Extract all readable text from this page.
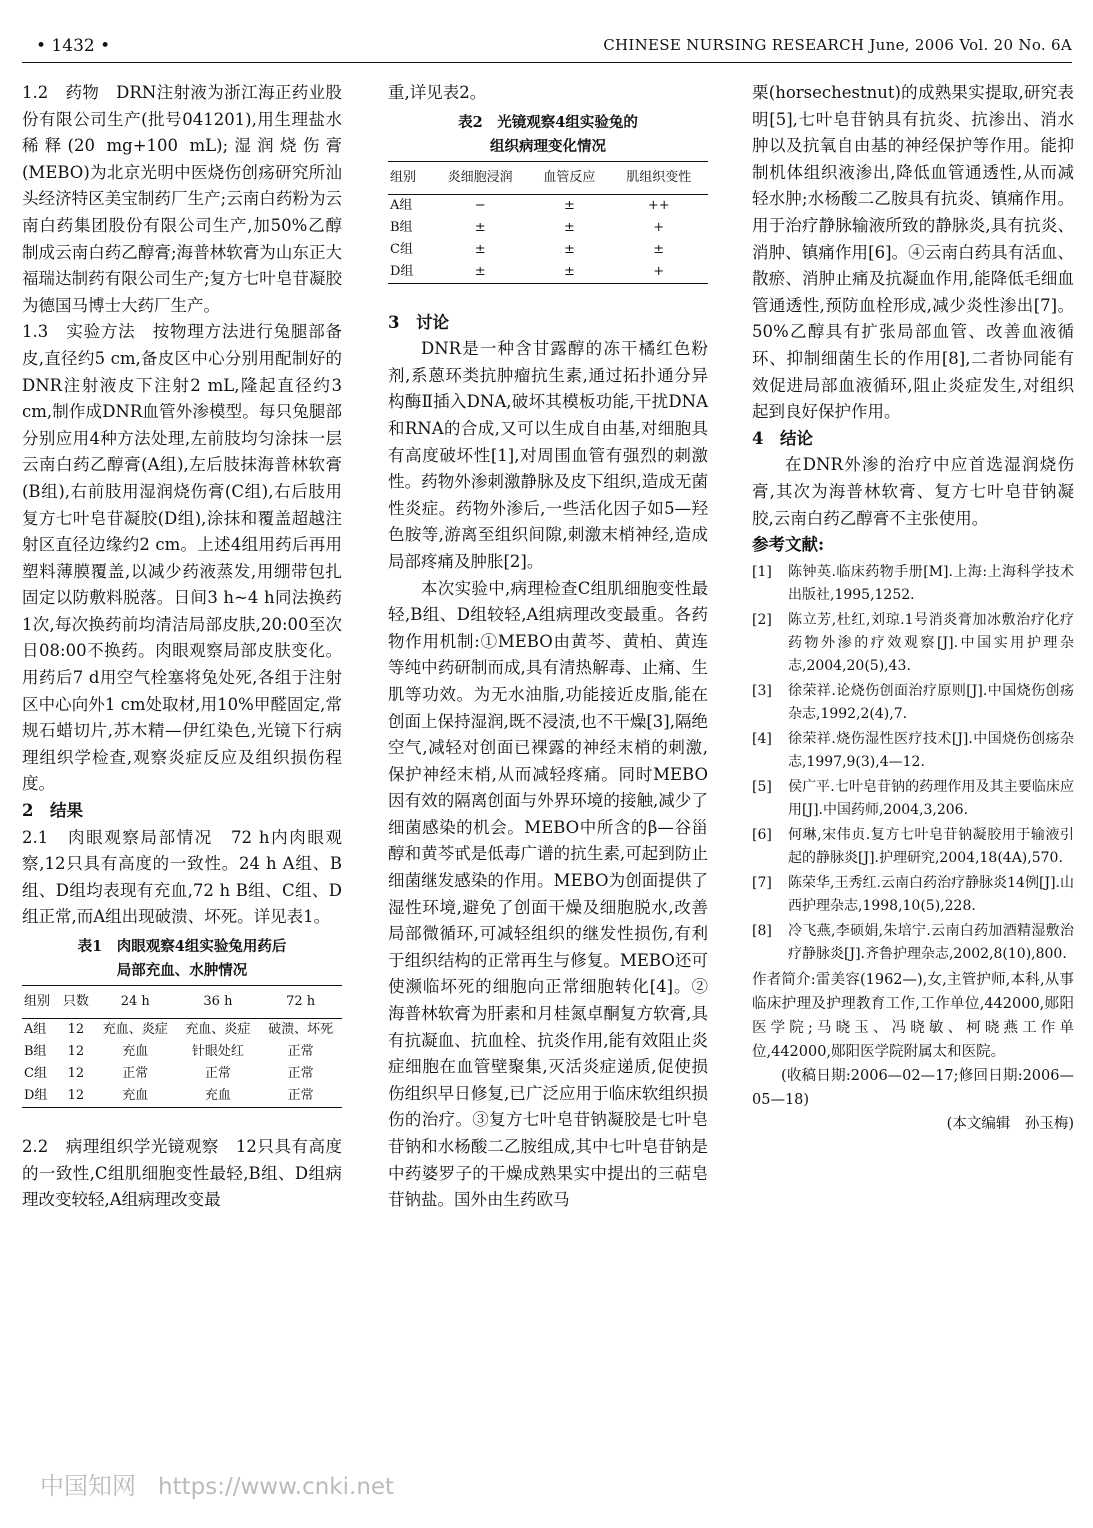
• 1432 •	CHINESE NURSING RESEARCH June, 2006 Vol. 20 No. 6A

1.2　药物　DRN注射液为浙江海正药业股份有限公司生产(批号041201),用生理盐水稀释(20 mg+100 mL);湿润烧伤膏(MEBO)为北京光明中医烧伤创疡研究所汕头经济特区美宝制药厂生产;云南白药粉为云南白药集团股份有限公司生产,加50%乙醇制成云南白药乙醇膏;海普林软膏为山东正大福瑞达制药有限公司生产;复方七叶皂苷凝胶为德国马博士大药厂生产。

1.3　实验方法　按物理方法进行兔腿部备皮,直径约5 cm,备皮区中心分别用配制好的DNR注射液皮下注射2 mL,隆起直径约3 cm,制作成DNR血管外渗模型。每只兔腿部分别应用4种方法处理,左前肢均匀涂抹一层云南白药乙醇膏(A组),左后肢抹海普林软膏(B组),右前肢用湿润烧伤膏(C组),右后肢用复方七叶皂苷凝胶(D组),涂抹和覆盖超越注射区直径边缘约2 cm。上述4组用药后再用塑料薄膜覆盖,以减少药液蒸发,用绷带包扎固定以防敷料脱落。日间3 h~4 h同法换药1次,每次换药前均清洁局部皮肤,20:00至次日08:00不换药。肉眼观察局部皮肤变化。用药后7 d用空气栓塞将兔处死,各组于注射区中心向外1 cm处取材,用10%甲醛固定,常规石蜡切片,苏木精—伊红染色,光镜下行病理组织学检查,观察炎症反应及组织损伤程度。

2　结果

2.1　肉眼观察局部情况　72 h内肉眼观察,12只具有高度的一致性。24 h A组、B组、D组均表现有充血,72 h B组、C组、D组正常,而A组出现破溃、坏死。详见表1。

表1　肉眼观察4组实验兔用药后
局部充血、水肿情况
组别	只数	24 h	36 h	72 h
A组	12	充血、炎症	充血、炎症	破溃、坏死
B组	12	充血	针眼处红	正常
C组	12	正常	正常	正常
D组	12	充血	充血	正常

2.2　病理组织学光镜观察　12只具有高度的一致性,C组肌细胞变性最轻,B组、D组病理改变较轻,A组病理改变最

重,详见表2。

表2　光镜观察4组实验兔的
组织病理变化情况
组别	炎细胞浸润	血管反应	肌组织变性
A组	−	±	++
B组	±	±	+
C组	±	±	±
D组	±	±	+

3　讨论

DNR是一种含甘露醇的冻干橘红色粉剂,系蒽环类抗肿瘤抗生素,通过拓扑通分异构酶Ⅱ插入DNA,破坏其模板功能,干扰DNA和RNA的合成,又可以生成自由基,对细胞具有高度破坏性[1],对周围血管有强烈的刺激性。药物外渗刺激静脉及皮下组织,造成无菌性炎症。药物外渗后,一些活化因子如5—羟色胺等,游离至组织间隙,刺激末梢神经,造成局部疼痛及肿胀[2]。

本次实验中,病理检查C组肌细胞变性最轻,B组、D组较轻,A组病理改变最重。各药物作用机制:①MEBO由黄芩、黄柏、黄连等纯中药研制而成,具有清热解毒、止痛、生肌等功效。为无水油脂,功能接近皮脂,能在创面上保持湿润,既不浸渍,也不干燥[3],隔绝空气,减轻对创面已裸露的神经末梢的刺激,保护神经末梢,从而减轻疼痛。同时MEBO因有效的隔离创面与外界环境的接触,减少了细菌感染的机会。MEBO中所含的β—谷甾醇和黄芩甙是低毒广谱的抗生素,可起到防止细菌继发感染的作用。MEBO为创面提供了湿性环境,避免了创面干燥及细胞脱水,改善局部微循环,可减轻组织的继发性损伤,有利于组织结构的正常再生与修复。MEBO还可使濒临坏死的细胞向正常细胞转化[4]。②海普林软膏为肝素和月桂氮卓酮复方软膏,具有抗凝血、抗血栓、抗炎作用,能有效阻止炎症细胞在血管壁聚集,灭活炎症递质,促使损伤组织早日修复,已广泛应用于临床软组织损伤的治疗。③复方七叶皂苷钠凝胶是七叶皂苷钠和水杨酸二乙胺组成,其中七叶皂苷钠是中药婆罗子的干燥成熟果实中提出的三萜皂苷钠盐。国外由生药欧马

栗(horsechestnut)的成熟果实提取,研究表明[5],七叶皂苷钠具有抗炎、抗渗出、消水肿以及抗氧自由基的神经保护等作用。能抑制机体组织液渗出,降低血管通透性,从而减轻水肿;水杨酸二乙胺具有抗炎、镇痛作用。用于治疗静脉输液所致的静脉炎,具有抗炎、消肿、镇痛作用[6]。④云南白药具有活血、散瘀、消肿止痛及抗凝血作用,能降低毛细血管通透性,预防血栓形成,减少炎性渗出[7]。50%乙醇具有扩张局部血管、改善血液循环、抑制细菌生长的作用[8],二者协同能有效促进局部血液循环,阻止炎症发生,对组织起到良好保护作用。

4　结论

在DNR外渗的治疗中应首选湿润烧伤膏,其次为海普林软膏、复方七叶皂苷钠凝胶,云南白药乙醇膏不主张使用。

参考文献:

[1]	陈钟英.临床药物手册[M].上海:上海科学技术出版社,1995,1252.
[2]	陈立芳,杜红,刘琼.1号消炎膏加冰敷治疗化疗药物外渗的疗效观察[J].中国实用护理杂志,2004,20(5),43.
[3]	徐荣祥.论烧伤创面治疗原则[J].中国烧伤创疡杂志,1992,2(4),7.
[4]	徐荣祥.烧伤湿性医疗技术[J].中国烧伤创疡杂志,1997,9(3),4—12.
[5]	侯广平.七叶皂苷钠的药理作用及其主要临床应用[J].中国药师,2004,3,206.
[6]	何琳,宋伟贞.复方七叶皂苷钠凝胶用于输液引起的静脉炎[J].护理研究,2004,18(4A),570.
[7]	陈荣华,王秀红.云南白药治疗静脉炎14例[J].山西护理杂志,1998,10(5),228.
[8]	冷飞燕,李硕娟,朱培宁.云南白药加酒精湿敷治疗静脉炎[J].齐鲁护理杂志,2002,8(10),800.

作者简介:雷美容(1962—),女,主管护师,本科,从事临床护理及护理教育工作,工作单位,442000,郧阳医学院;马晓玉、冯晓敏、柯晓燕工作单位,442000,郧阳医学院附属太和医院。

(收稿日期:2006—02—17;修回日期:2006—05—18)

(本文编辑　孙玉梅)

中国知网 https://www.cnki.net
